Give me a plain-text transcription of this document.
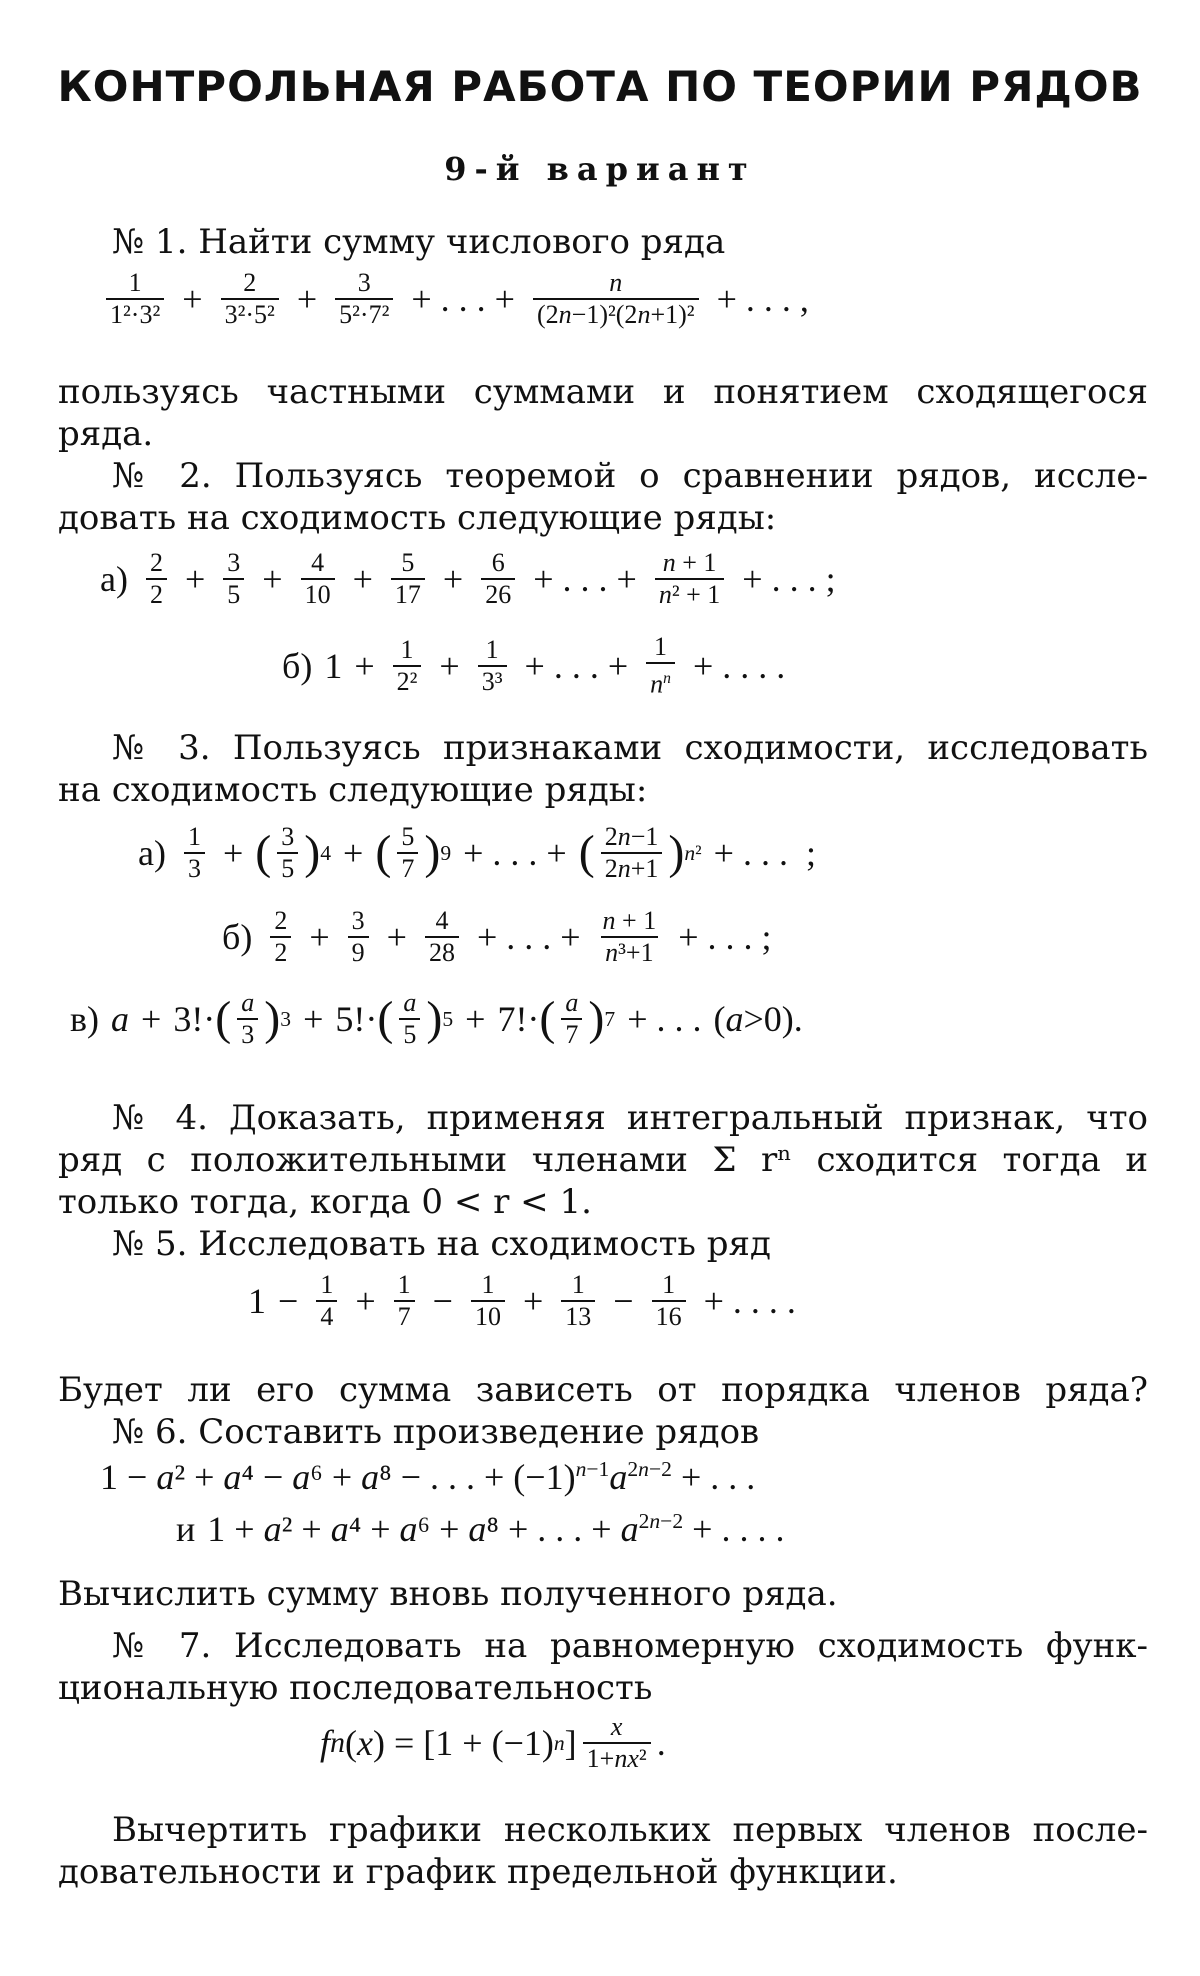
КОНТРОЛЬНАЯ РАБОТА ПО ТЕОРИИ РЯДОВ
9-й вариант
№ 1. Найти сумму числового ряда
1
$1^2\cdot 3^2 + \frac{2}{\text{3²·5²}} + \frac{3}{\text{5²·7²}}$ + . . . + $\frac{n}{\text{(2n−1)²(2n+1)²}}$ + . . . ,
пользуясь частными суммами и понятием сходящегося
ряда.
№ 2. Пользуясь теоремой о сравнении рядов, иссле-
довать на сходимость следующие ряды:
а) 2
$2 + \frac{3}{5} + \frac{4}{10} + \frac{5}{17} + \frac{6}{26}$ + . . . + $\frac{n + 1}{\text{n² + 1}}$ + . . . ;
б) $1 + \frac{1}{\text{2²}} + \frac{1}{\text{3³}}$ + . . . + $\frac{1}{n^n}$ + . . . .
№ 3. Пользуясь признаками сходимости, исследовать
на сходимость следующие ряды:
а) 1
3 + ( 3
5 ) 4 + ( 5
7 ) 9 + . . . + ( 2n−1
2n+1 ) n² + . . .  ;
б) 2
$2 + \frac{3}{9} + \frac{4}{28}$ + . . . + $\frac{n + 1}{\text{n³+1}}$ + . . . ;
в) a + 3!· ( a
3 ) 3 + 5!· ( a
5 ) 5 + 7!· ( a
7 ) 7 + . . . ( a >0).
№ 4. Доказать, применяя интегральный признак, что
ряд с положительными членами Σ rⁿ сходится тогда и
только тогда, когда 0 < r < 1.
№ 5. Исследовать на сходимость ряд
$1 - \frac{1}{4} + \frac{1}{7} - \frac{1}{10} + \frac{1}{13} - \frac{1}{16}$ + . . . .
Будет ли его сумма зависеть от порядка членов ряда?
№ 6. Составить произведение рядов
1 − a² + a⁴ − a⁶ + a⁸ − . . . + $(-1)^{n-1}a^{2n-2}$ + . . .
и 1 + a² + a⁴ + a⁶ + a⁸ + . . . + $a^{2n-2}$ + . . . .
Вычислить сумму вновь полученного ряда.
№ 7. Исследовать на равномерную сходимость функ-
циональную последовательность
f n ( x ) = [1 + (−1) n ] x
1+nx² .
Вычертить графики нескольких первых членов после-
довательности и график предельной функции.
